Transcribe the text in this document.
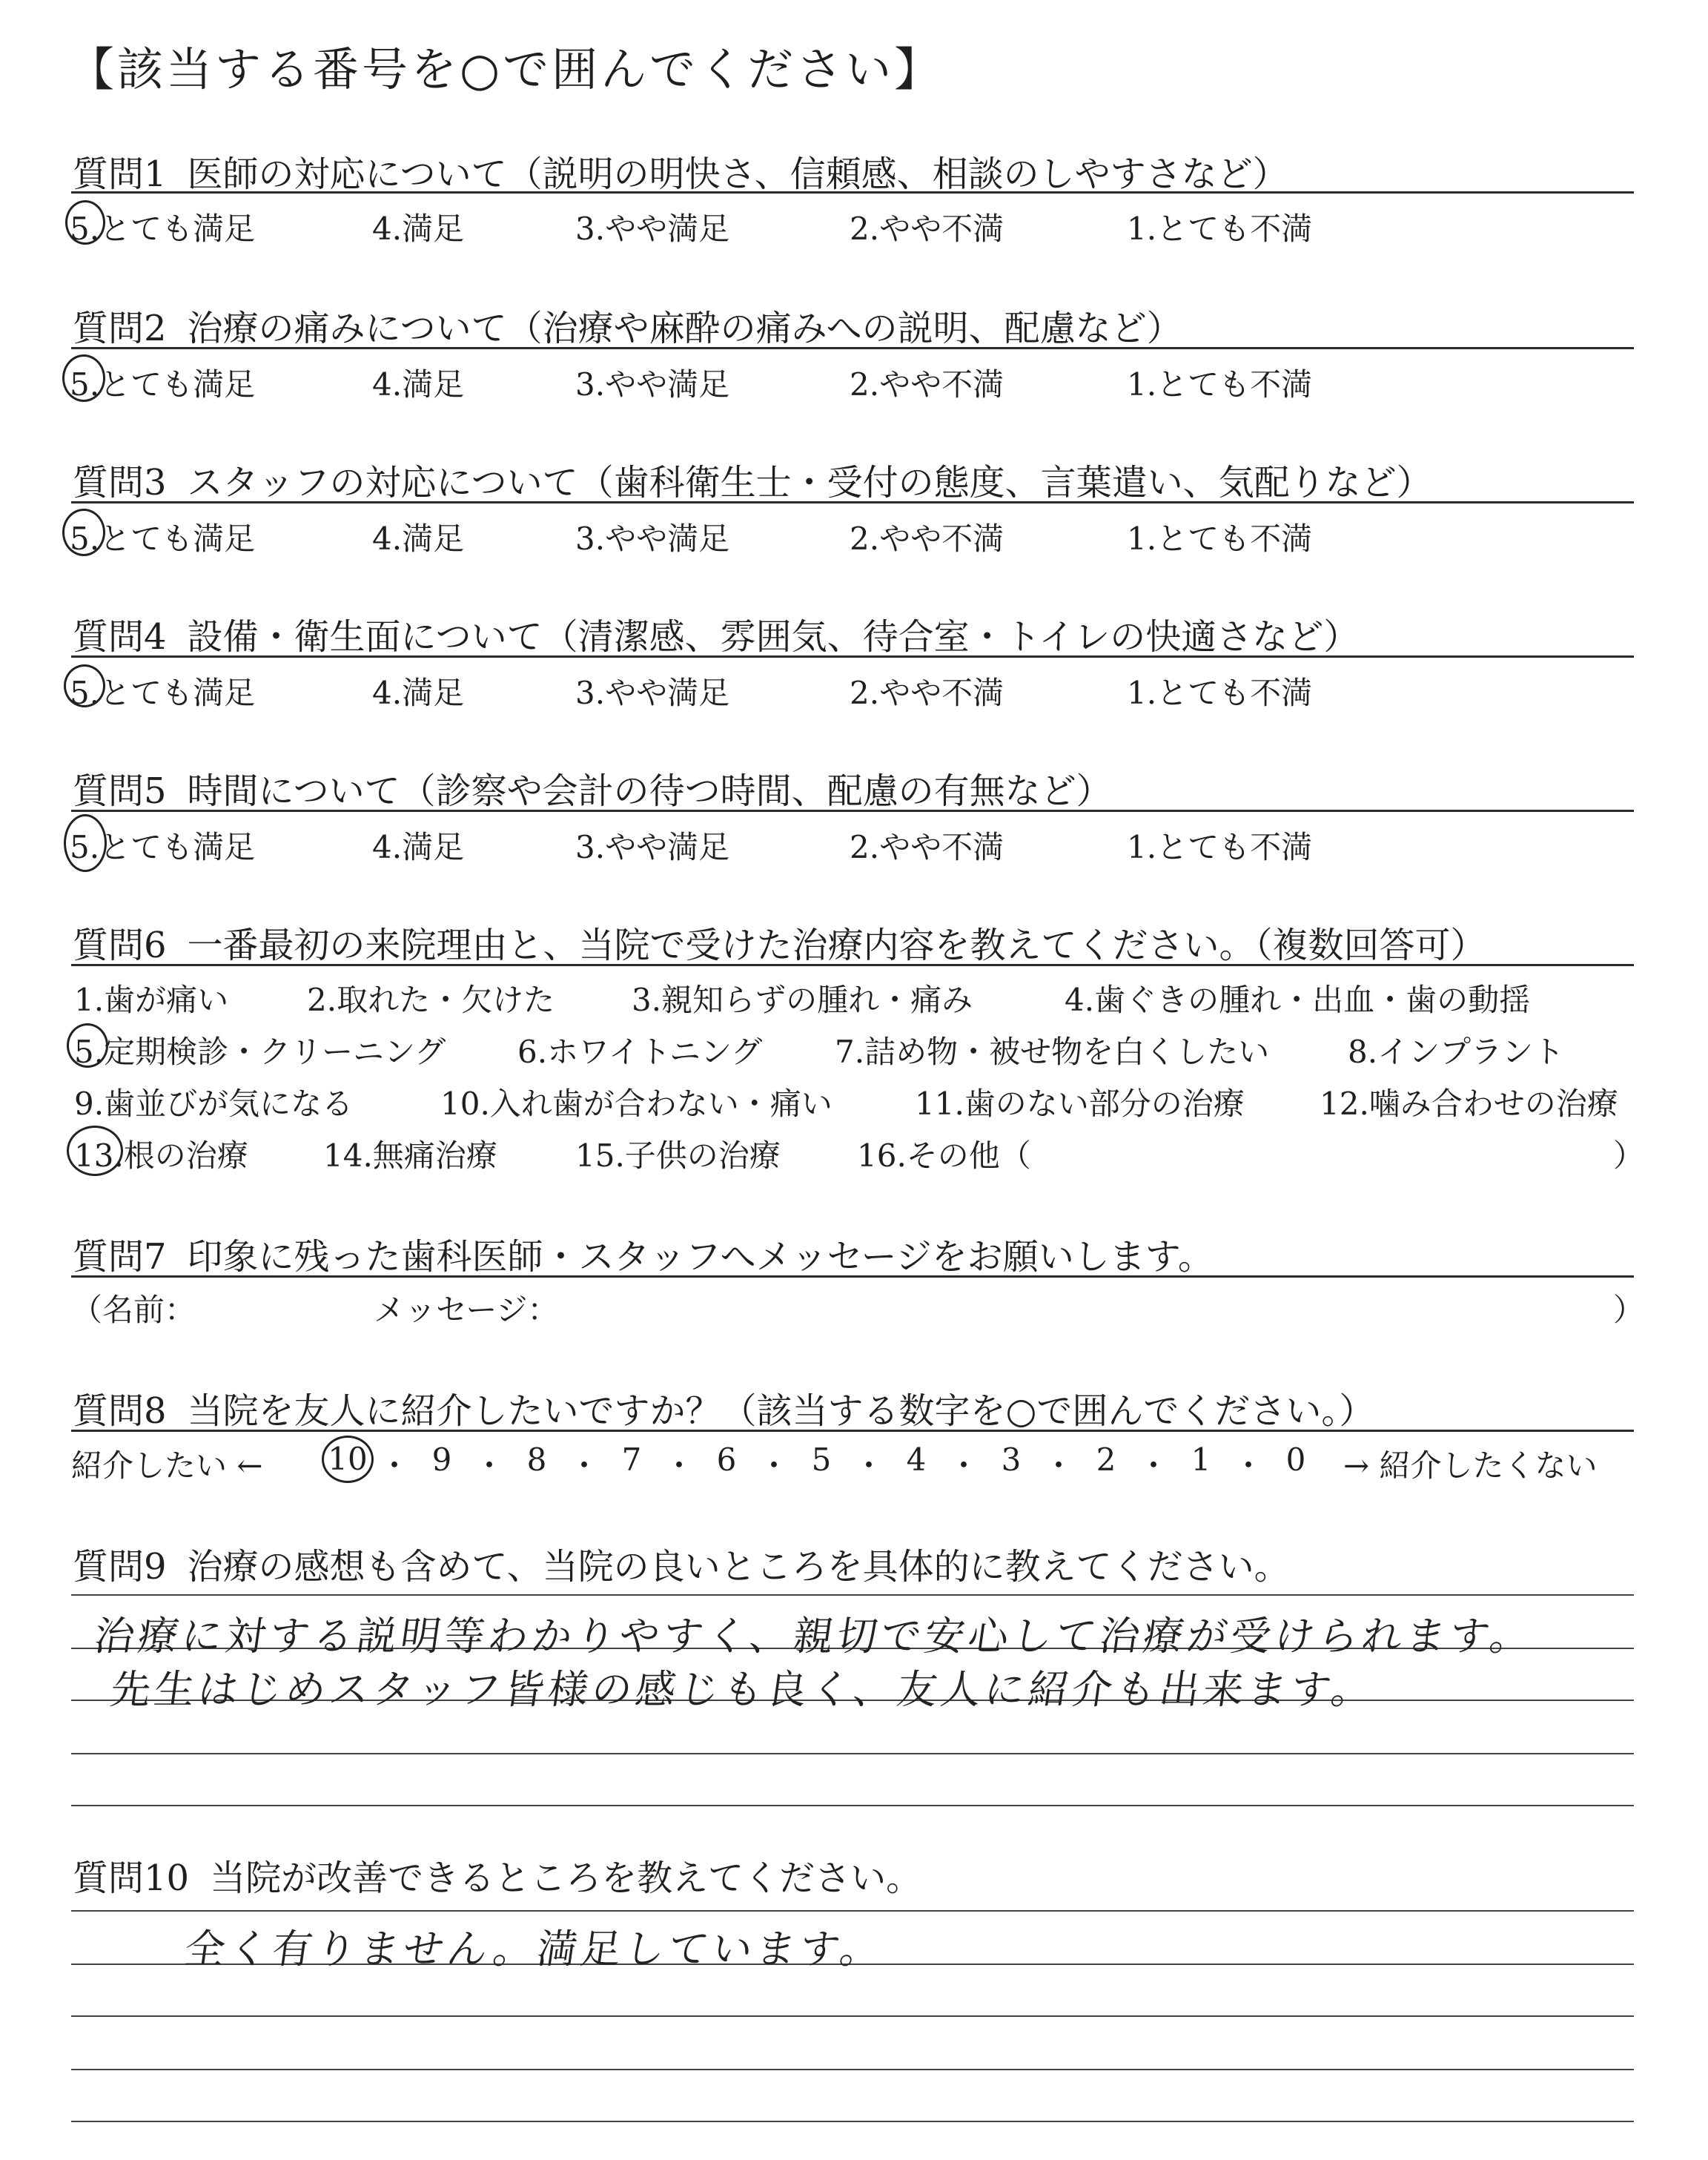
【該当する番号を○で囲んでください】
質問1 医師の対応について（説明の明快さ、信頼感、相談のしやすさなど）
5.とても満足	4.満足	3.やや満足	2.やや不満	1.とても不満
質問2 治療の痛みについて（治療や麻酔の痛みへの説明、配慮など）
5.とても満足	4.満足	3.やや満足	2.やや不満	1.とても不満
質問3 スタッフの対応について（歯科衛生士・受付の態度、言葉遣い、気配りなど）
5.とても満足	4.満足	3.やや満足	2.やや不満	1.とても不満
質問4 設備・衛生面について（清潔感、雰囲気、待合室・トイレの快適さなど）
5.とても満足	4.満足	3.やや満足	2.やや不満	1.とても不満
質問5 時間について（診察や会計の待つ時間、配慮の有無など）
5.とても満足	4.満足	3.やや満足	2.やや不満	1.とても不満
質問6 一番最初の来院理由と、当院で受けた治療内容を教えてください。（複数回答可）
1.歯が痛い	2.取れた・欠けた 3.親知らずの腫れ・痛み	4.歯ぐきの腫れ・出血・歯の動揺
5.定期検診・クリーニング 6.ホワイトニング 7.詰め物・被せ物を白くしたい	8.インプラント
9.歯並びが気になる	10.入れ歯が合わない・痛い	11.歯のない部分の治療 12.噛み合わせの治療
13.根の治療 14.無痛治療	15.子供の治療 16.その他（	）
質問7 印象に残った歯科医師・スタッフへメッセージをお願いします。
（名前：	メッセージ：	）
質問8 当院を友人に紹介したいですか？（該当する数字を○で囲んでください。）
紹介したい ← 10 ・ 9 ・ 8 ・ 7 ・ 6 ・ 5 ・ 4 ・ 3 ・ 2 ・ 1 ・ 0	→ 紹介したくない
質問9 治療の感想も含めて、当院の良いところを具体的に教えてください。
治療に対する説明等わかりやすく、親切で安心して治療が受けられます。
先生はじめスタッフ皆様の感じも良く、友人に紹介も出来ます。
質問10 当院が改善できるところを教えてください。
全く有りません。満足しています。
